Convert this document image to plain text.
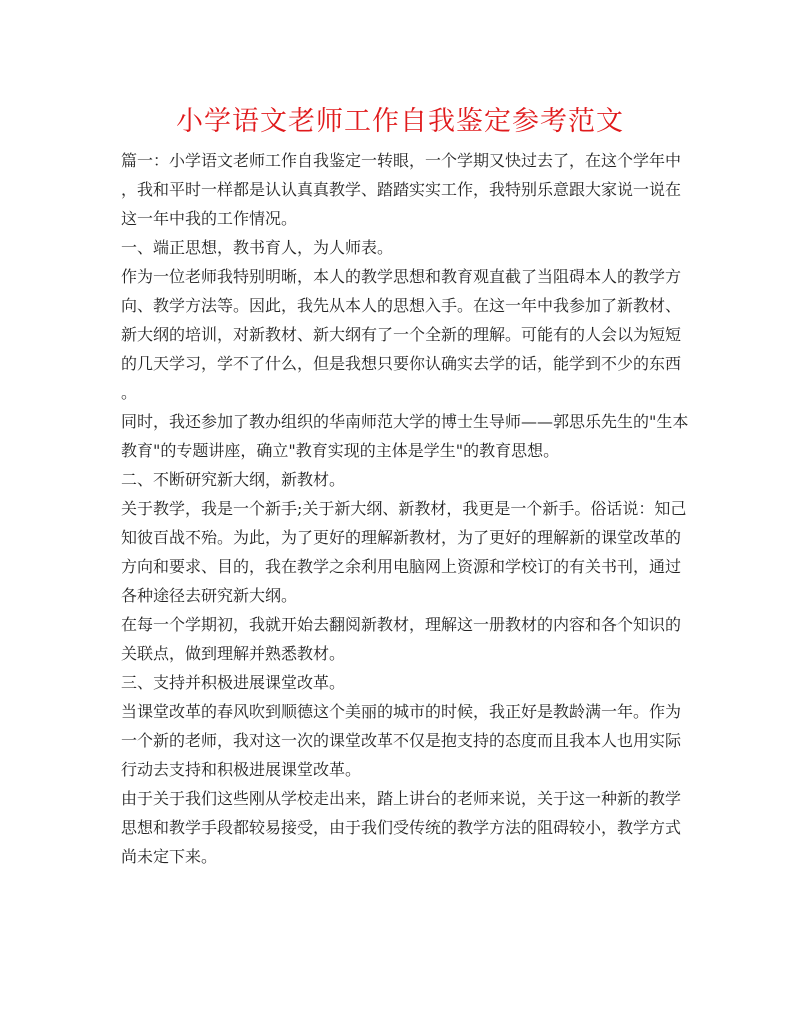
小学语文老师工作自我鉴定参考范文
篇一：小学语文老师工作自我鉴定一转眼，一个学期又快过去了，在这个学年中
，我和平时一样都是认认真真教学、踏踏实实工作，我特别乐意跟大家说一说在
这一年中我的工作情况。
一、端正思想，教书育人，为人师表。
作为一位老师我特别明晰，本人的教学思想和教育观直截了当阻碍本人的教学方
向、教学方法等。因此，我先从本人的思想入手。在这一年中我参加了新教材、
新大纲的培训，对新教材、新大纲有了一个全新的理解。可能有的人会以为短短
的几天学习，学不了什么，但是我想只要你认确实去学的话，能学到不少的东西
。
同时，我还参加了教办组织的华南师范大学的博士生导师——郭思乐先生的"生本
教育"的专题讲座，确立"教育实现的主体是学生"的教育思想。
二、不断研究新大纲，新教材。
关于教学，我是一个新手;关于新大纲、新教材，我更是一个新手。俗话说：知己
知彼百战不殆。为此，为了更好的理解新教材，为了更好的理解新的课堂改革的
方向和要求、目的，我在教学之余利用电脑网上资源和学校订的有关书刊，通过
各种途径去研究新大纲。
在每一个学期初，我就开始去翻阅新教材，理解这一册教材的内容和各个知识的
关联点，做到理解并熟悉教材。
三、支持并积极进展课堂改革。
当课堂改革的春风吹到顺德这个美丽的城市的时候，我正好是教龄满一年。作为
一个新的老师，我对这一次的课堂改革不仅是抱支持的态度而且我本人也用实际
行动去支持和积极进展课堂改革。
由于关于我们这些刚从学校走出来，踏上讲台的老师来说，关于这一种新的教学
思想和教学手段都较易接受，由于我们受传统的教学方法的阻碍较小，教学方式
尚未定下来。
